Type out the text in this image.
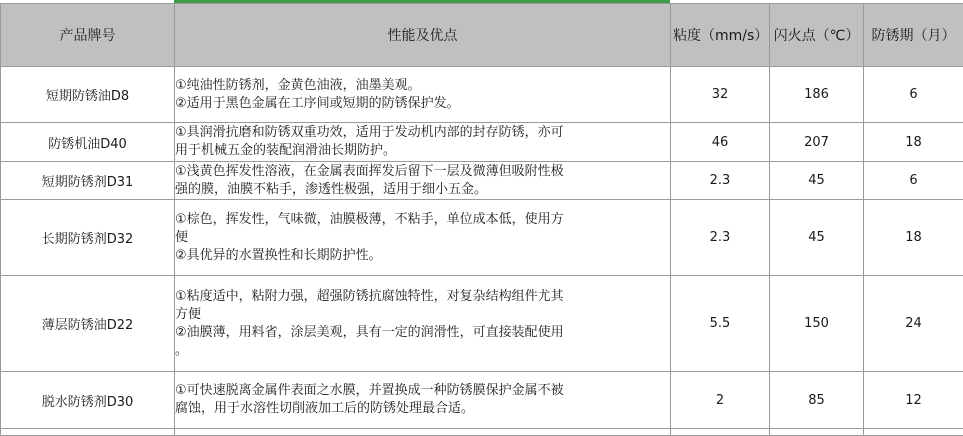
产品牌号	性能及优点	粘度（mm/s）	闪火点（℃）	防锈期（月）
短期防锈油D8	①纯油性防锈剂，金黄色油液，油墨美观。
②适用于黑色金属在工序间或短期的防锈保护发。	32	186	6
防锈机油D40	①具润滑抗磨和防锈双重功效，适用于发动机内部的封存防锈，亦可
用于机械五金的装配润滑油长期防护。	46	207	18
短期防锈剂D31	①浅黄色挥发性溶液，在金属表面挥发后留下一层及微薄但吸附性极
强的膜，油膜不粘手，渗透性极强，适用于细小五金。	2.3	45	6
长期防锈剂D32	①棕色，挥发性，气味微，油膜极薄，不粘手，单位成本低，使用方
便
②具优异的水置换性和长期防护性。	2.3	45	18
薄层防锈油D22	①粘度适中，粘附力强，超强防锈抗腐蚀特性，对复杂结构组件尤其
方便
②油膜薄，用料省，涂层美观，具有一定的润滑性，可直接装配使用
。	5.5	150	24
脱水防锈剂D30	①可快速脱离金属件表面之水膜，并置换成一种防锈膜保护金属不被
腐蚀，用于水溶性切削液加工后的防锈处理最合适。	2	85	12
